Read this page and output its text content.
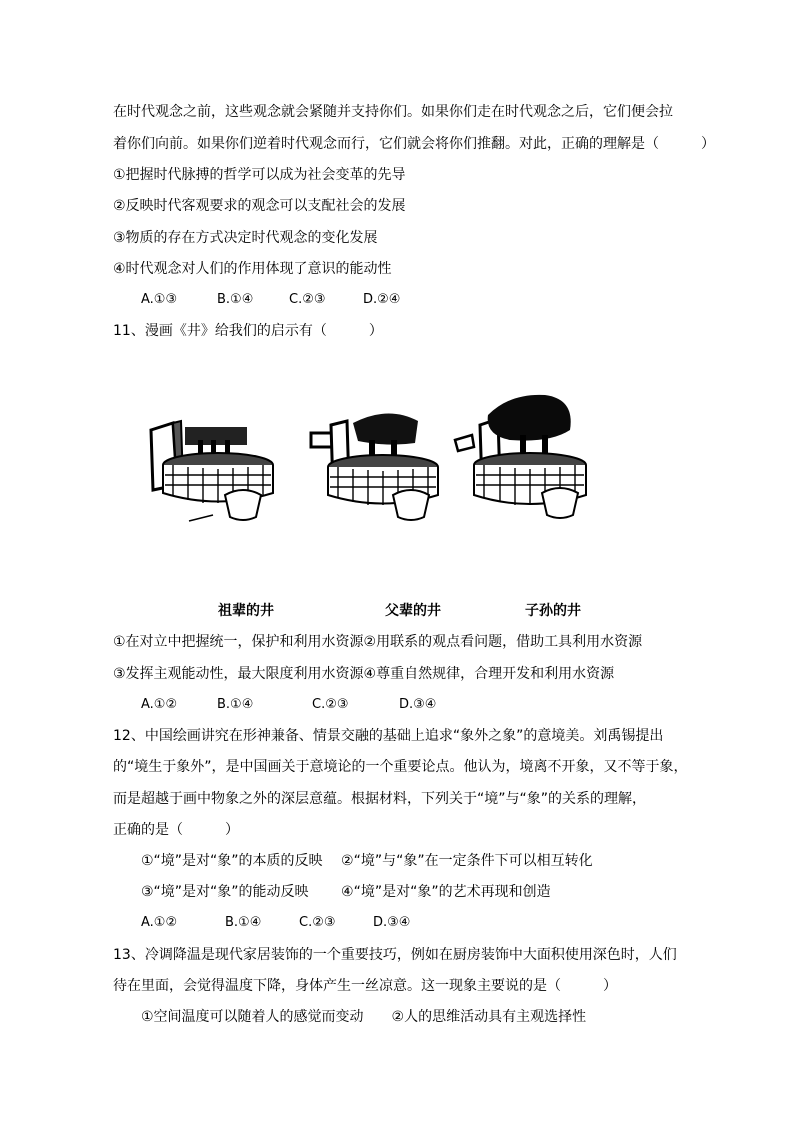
在时代观念之前，这些观念就会紧随并支持你们。如果你们走在时代观念之后，它们便会拉
着你们向前。如果你们逆着时代观念而行，它们就会将你们推翻。对此，正确的理解是（　　　）
①把握时代脉搏的哲学可以成为社会变革的先导
②反映时代客观要求的观念可以支配社会的发展
③物质的存在方式决定时代观念的变化发展
④时代观念对人们的作用体现了意识的能动性
A.①③	B.①④	C.②③	D.②④
11、漫画《井》给我们的启示有（　　　）
祖辈的井	父辈的井	子孙的井
①在对立中把握统一，保护和利用水资源②用联系的观点看问题，借助工具利用水资源
③发挥主观能动性，最大限度利用水资源④尊重自然规律，合理开发和利用水资源
A.①②	B.①④	C.②③	D.③④
12、中国绘画讲究在形神兼备、情景交融的基础上追求“象外之象”的意境美。刘禹锡提出
的“境生于象外”，是中国画关于意境论的一个重要论点。他认为，境离不开象，又不等于象，
而是超越于画中物象之外的深层意蕴。根据材料，下列关于“境”与“象”的关系的理解，
正确的是（　　　）
①“境”是对“象”的本质的反映　 ②“境”与“象”在一定条件下可以相互转化
③“境”是对“象”的能动反映　　 ④“境”是对“象”的艺术再现和创造
A.①②	B.①④	C.②③	D.③④
13、冷调降温是现代家居装饰的一个重要技巧，例如在厨房装饰中大面积使用深色时，人们
待在里面，会觉得温度下降，身体产生一丝凉意。这一现象主要说的是（　　　）
①空间温度可以随着人的感觉而变动　　②人的思维活动具有主观选择性
